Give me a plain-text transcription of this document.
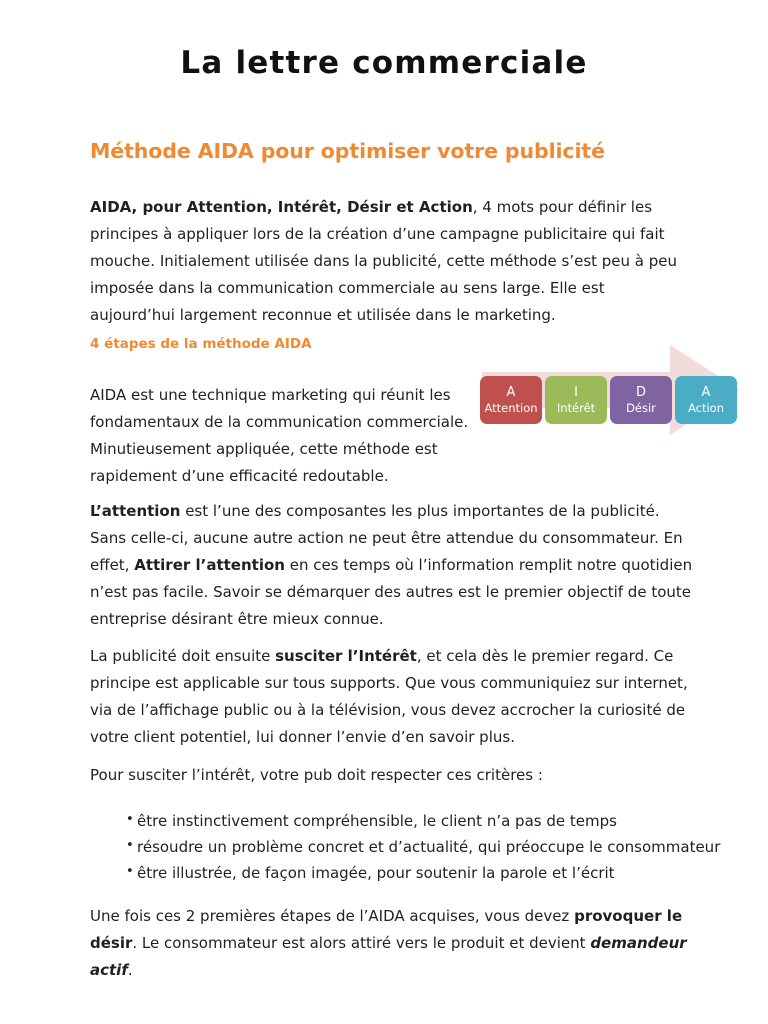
La lettre commerciale
Méthode AIDA pour optimiser votre publicité
AIDA, pour Attention, Intérêt, Désir et Action, 4 mots pour définir les principes à appliquer lors de la création d’une campagne publicitaire qui fait mouche. Initialement utilisée dans la publicité, cette méthode s’est peu à peu imposée dans la communication commerciale au sens large. Elle est aujourd’hui largement reconnue et utilisée dans le marketing.
4 étapes de la méthode AIDA
AIDA est une technique marketing qui réunit les fondamentaux de la communication commerciale. Minutieusement appliquée, cette méthode est rapidement d’une efficacité redoutable.
A
Attention
I
Intérêt
D
Désir
A
Action
L’attention est l’une des composantes les plus importantes de la publicité. Sans celle-ci, aucune autre action ne peut être attendue du consommateur. En effet, Attirer l’attention en ces temps où l’information remplit notre quotidien n’est pas facile. Savoir se démarquer des autres est le premier objectif de toute entreprise désirant être mieux connue.
La publicité doit ensuite susciter l’Intérêt, et cela dès le premier regard. Ce principe est applicable sur tous supports. Que vous communiquiez sur internet, via de l’affichage public ou à la télévision, vous devez accrocher la curiosité de votre client potentiel, lui donner l’envie d’en savoir plus.
Pour susciter l’intérêt, votre pub doit respecter ces critères :
• être instinctivement compréhensible, le client n’a pas de temps
• résoudre un problème concret et d’actualité, qui préoccupe le consommateur
• être illustrée, de façon imagée, pour soutenir la parole et l’écrit
Une fois ces 2 premières étapes de l’AIDA acquises, vous devez provoquer le désir. Le consommateur est alors attiré vers le produit et devient demandeur actif.
